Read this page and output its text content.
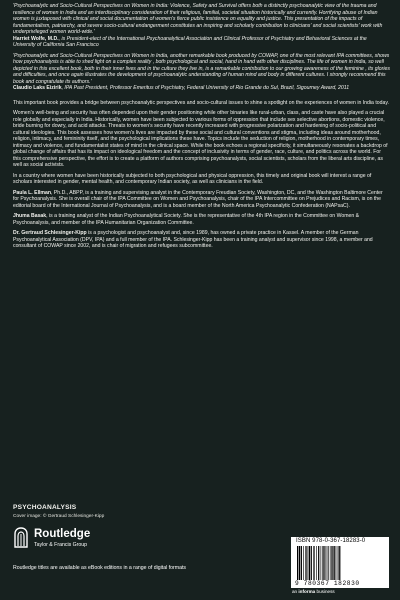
'Psychoanalytic and Socio-Cultural Perspectives on Women in India: Violence, Safety and Survival offers both a distinctly psychoanalytic view of the trauma and resilience of women in India and an interdisciplinary consideration of their religious, familial, societal situation historically and currently. Horrifying abuse of Indian women is juxtaposed with clinical and social documentation of women's fierce public insistence on equality and justice. This presentation of the impacts of fundamentalism, patriarchy, and severe socio-cultural endangerment constitutes an inspiring and scholarly contribution to clinicians' and social scientists' work with underprivileged women world-wide.'

Harriet Wolfe, M.D., is President-elect of the International Psychoanalytical Association and Clinical Professor of Psychiatry and Behavioral Sciences at the University of California San Francisco

'Psychoanalytic and Socio-Cultural Perspectives on Women in India, another remarkable book produced by COWAP, one of the most relevant IPA committees, shows how psychoanalysis is able to shed light on a complex reality , both psychological and social, hand in hand with other disciplines. The life of women in India, so well depicted in this excellent book, both in their inner lives and in the culture they live in, is a remarkable contribution to our growing awareness of the feminine , its glories and difficulties, and once again illustrates the development of psychoanalytic understanding of human mind and body in different cultures. I strongly recommend this book and congratulate its authors.'

Claudio Laks Eizirik, IPA Past President, Professor Emeritus of Psychiatry, Federal University of Rio Grande do Sul, Brazil, Sigourney Award, 2011

This important book provides a bridge between psychoanalytic perspectives and socio-cultural issues to shine a spotlight on the experiences of women in India today.

Women's well-being and security has often depended upon their gender positioning while other binaries like rural-urban, class, and caste have also played a crucial role globally and especially in India. Historically, women have been subjected to various forms of oppression that include sex selective abortions, domestic violence, bride burning for dowry, and acid attacks. Threats to women's security have recently increased with progressive polarization and hardening of socio-political and cultural ideologies. This book assesses how women's lives are impacted by these social and cultural conventions and stigma, including ideas around motherhood, religion, intimacy, and femininity itself, and the psychological implications these have. Topics include the seduction of religion, motherhood in contemporary times, intimacy and violence, and fundamentalist states of mind in the clinical space. While the book echoes a regional specificity, it simultaneously resonates a backdrop of global change of affairs that has its impact on ideological freedom and the concept of inclusivity in terms of gender, race, culture, and politics across the world. For this comprehensive perspective, the effort is to create a platform of authors comprising psychoanalysts, social scientists, scholars from the liberal arts discipline, as well as social activists.

In a country where women have been historically subjected to both psychological and physical oppression, this timely and original book will interest a range of scholars interested in gender, mental health, and contemporary Indian society, as well as clinicians in the field.

Paula L. Ellman, Ph.D., ABPP, is a training and supervising analyst in the Contemporary Freudian Society, Washington, DC, and the Washington Baltimore Center for Psychoanalysis. She is overall chair of the IPA Committee on Women and Psychoanalysis, chair of the IPA Intercommittee on Prejudices and Racism, is on the editorial board of the International Journal of Psychoanalysis, and is a board member of the North America Psychoanalytic Confederation (NAPsaC).

Jhuma Basak, is a training analyst of the Indian Psychoanalytical Society. She is the representative of the 4th IPA region in the Committee on Women & Psychoanalysis, and member of the IPA Humanitarian Organization Committee.

Dr. Gertraud Schlesinger-Kipp is a psychologist and psychoanalyst and, since 1989, has owned a private practice in Kassel. A member of the German Psychoanalytical Association (DPV, IPA) and a full member of the IPA. Schlesinger-Kipp has been a training analyst and supervisor since 1998, a member and consultant of COWAP since 2002, and is chair of migration and refugees subcommittee.

PSYCHOANALYSIS
Cover image: © Gertraud Schlesinger-Kipp
Routledge
Taylor & Francis Group
Routledge titles are available as eBook editions in a range of digital formats
ISBN 978-0-367-18283-0
9 780367 182830
an informa business
